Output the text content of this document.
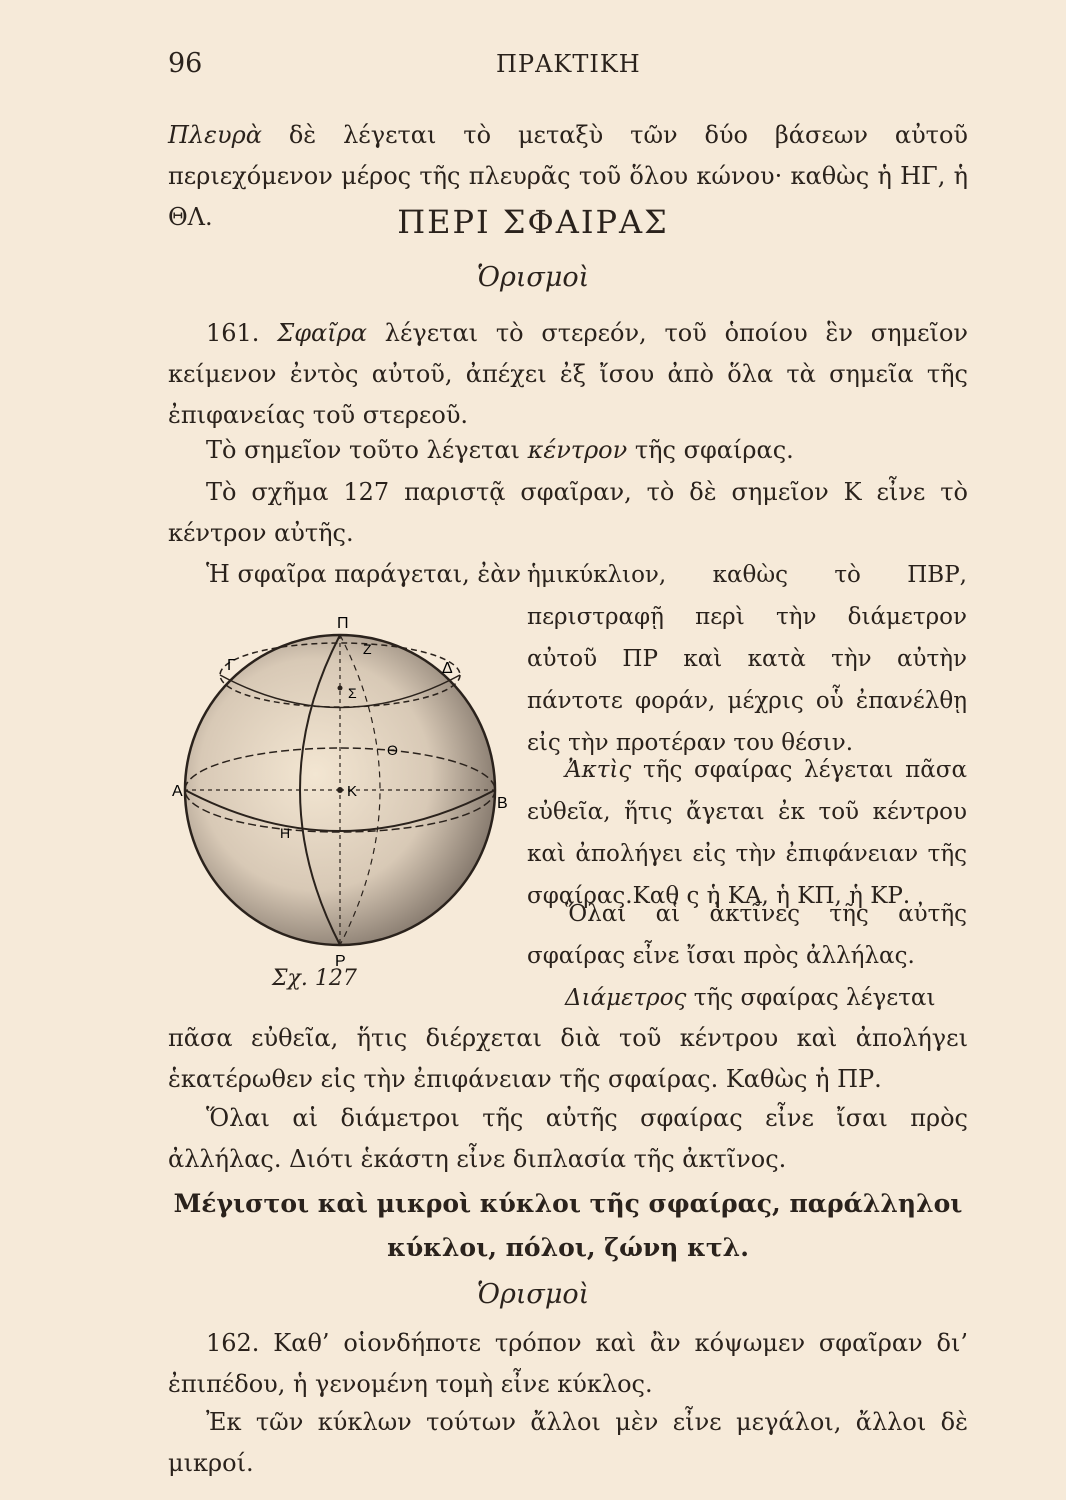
96	ΠΡΑΚΤΙΚΗ

Πλευρὰ δὲ λέγεται τὸ μεταξὺ τῶν δύο βάσεων αὐτοῦ περιεχόμενον μέρος τῆς πλευρᾶς τοῦ ὅλου κώνου· καθὼς ἡ ΗΓ, ἡ ΘΛ.	ΠΕΡΙ ΣΦΑΙΡΑΣ

Ὁρισμοὶ

161. Σφαῖρα λέγεται τὸ στερεόν, τοῦ ὁποίου ἓν σημεῖον κείμενον ἐντὸς αὐτοῦ, ἀπέχει ἐξ ἴσου ἀπὸ ὅλα τὰ σημεῖα τῆς ἐπιφανείας τοῦ στερεοῦ.

Τὸ σημεῖον τοῦτο λέγεται κέντρον τῆς σφαίρας.

Τὸ σχῆμα 127 παριστᾷ σφαῖραν, τὸ δὲ σημεῖον Κ εἶνε τὸ κέντρον αὐτῆς.

Ἡ σφαῖρα παράγεται, ἐὰν ἡμικύκλιον, καθὼς τὸ ΠΒΡ, περιστραφῇ περὶ τὴν διάμετρον αὐτοῦ ΠΡ καὶ κατὰ τὴν αὐτὴν πάντοτε φοράν, μέχρις οὗ ἐπανέλθῃ εἰς τὴν προτέραν του θέσιν.

Ἀκτὶς τῆς σφαίρας λέγεται πᾶσα εὐθεῖα, ἥτις ἄγεται ἐκ τοῦ κέντρου καὶ ἀπολήγει εἰς τὴν ἐπιφάνειαν τῆς σφαίρας.Καθ ς ἡ ΚΑ, ἡ ΚΠ, ἡ ΚΡ.

Ὅλαι αἱ ἀκτῖνες τῆς αὐτῆς σφαίρας εἶνε ἴσαι πρὸς ἀλλήλας.

Διάμετρος τῆς σφαίρας λέγεται

πᾶσα εὐθεῖα, ἥτις διέρχεται διὰ τοῦ κέντρου καὶ ἀπολήγει ἑκατέρωθεν εἰς τὴν ἐπιφάνειαν τῆς σφαίρας. Καθὼς ἡ ΠΡ.

Ὅλαι αἱ διάμετροι τῆς αὐτῆς σφαίρας εἶνε ἴσαι πρὸς ἀλλήλας. Διότι ἑκάστη εἶνε διπλασία τῆς ἀκτῖνος.

Μέγιστοι καὶ μικροὶ κύκλοι τῆς σφαίρας, παράλληλοι κύκλοι, πόλοι, ζώνη κτλ.

Ὁρισμοὶ

162. Καθ’ οἱονδήποτε τρόπον καὶ ἂν κόψωμεν σφαῖραν δι’ ἐπιπέδου, ἡ γενομένη τομὴ εἶνε κύκλος.

Ἐκ τῶν κύκλων τούτων ἄλλοι μὲν εἶνε μεγάλοι, ἄλλοι δὲ μικροί.

Π
Γ	Δ
Α
Β
Κ
Θ
Η
Ζ
Σ
Ρ
Σχ. 127
